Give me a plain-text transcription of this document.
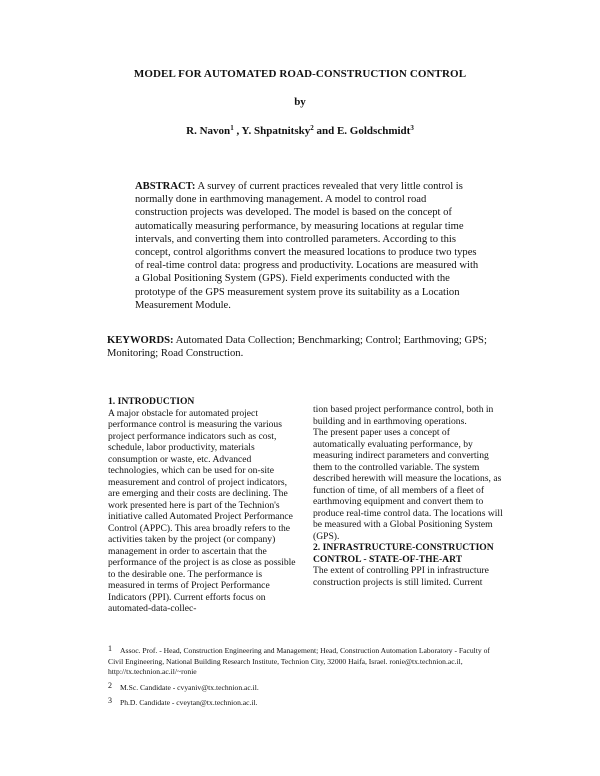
MODEL FOR AUTOMATED ROAD-CONSTRUCTION CONTROL
by
R. Navon$^1$ , Y. Shpatnitsky$^2$ and E. Goldschmidt$^3$
ABSTRACT: A survey of current practices revealed that very little control is normally done in earthmoving management. A model to control road construction projects was developed. The model is based on the concept of automatically measuring performance, by measuring locations at regular time intervals, and converting them into controlled parameters. According to this concept, control algorithms convert the measured locations to produce two types of real-time control data: progress and productivity. Locations are measured with a Global Positioning System (GPS). Field experiments conducted with the prototype of the GPS measurement system prove its suitability as a Location Measurement Module.
KEYWORDS: Automated Data Collection; Benchmarking; Control; Earthmoving; GPS; Monitoring; Road Construction.

1. INTRODUCTION

A major obstacle for automated project performance control is measuring the various project performance indicators such as cost, schedule, labor productivity, materials consumption or waste, etc. Advanced technologies, which can be used for on-site measurement and control of project indicators, are emerging and their costs are declining. The work presented here is part of the Technion's initiative called Automated Project Performance Control (APPC). This area broadly refers to the activities taken by the project (or company) management in order to ascertain that the performance of the project is as close as possible to the desirable one. The performance is measured in terms of Project Performance Indicators (PPI). Current efforts focus on automated-data-collec-

tion based project performance control, both in building and in earthmoving operations.

The present paper uses a concept of automatically evaluating performance, by measuring indirect parameters and converting them to the controlled variable. The system described herewith will measure the locations, as function of time, of all members of a fleet of earthmoving equipment and convert them to produce real-time control data. The locations will be measured with a Global Positioning System (GPS).

2. INFRASTRUCTURE-CONSTRUCTION CONTROL - STATE-OF-THE-ART

The extent of controlling PPI in infrastructure construction projects is still limited. Current

1 Assoc. Prof. - Head, Construction Engineering and Management; Head, Construction Automation Laboratory - Faculty of Civil Engineering, National Building Research Institute, Technion City, 32000 Haifa, Israel. ronie@tx.technion.ac.il, http://tx.technion.ac.il/~ronie

2 M.Sc. Candidate - cvyaniv@tx.technion.ac.il.

3 Ph.D. Candidate - cveytan@tx.technion.ac.il.
